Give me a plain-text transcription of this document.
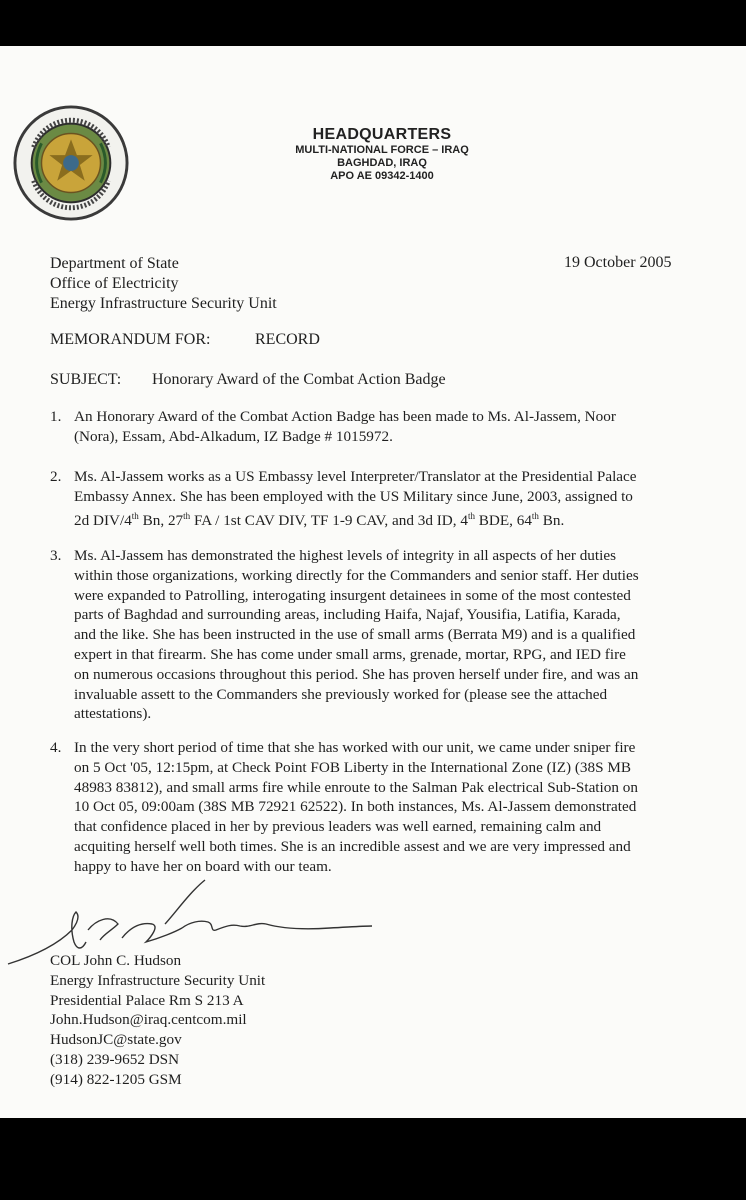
HEADQUARTERS
MULTI-NATIONAL FORCE – IRAQ
BAGHDAD, IRAQ
APO AE 09342-1400
19 October 2005
Department of State
Office of Electricity
Energy Infrastructure Security Unit
MEMORANDUM FOR:	RECORD
SUBJECT: Honorary Award of the Combat Action Badge
1. An Honorary Award of the Combat Action Badge has been made to Ms. Al-Jassem, Noor
(Nora), Essam, Abd-Alkadum, IZ Badge # 1015972.
2. Ms. Al-Jassem works as a US Embassy level Interpreter/Translator at the Presidential Palace
Embassy Annex. She has been employed with the US Military since June, 2003, assigned to
2d DIV/4th Bn, 27th FA / 1st CAV DIV, TF 1-9 CAV, and 3d ID, 4th BDE, 64th Bn.
3. Ms. Al-Jassem has demonstrated the highest levels of integrity in all aspects of her duties
within those organizations, working directly for the Commanders and senior staff. Her duties
were expanded to Patrolling, interogating insurgent detainees in some of the most contested
parts of Baghdad and surrounding areas, including Haifa, Najaf, Yousifia, Latifia, Karada,
and the like. She has been instructed in the use of small arms (Berrata M9) and is a qualified
expert in that firearm. She has come under small arms, grenade, mortar, RPG, and IED fire
on numerous occasions throughout this period. She has proven herself under fire, and was an
invaluable assett to the Commanders she previously worked for (please see the attached
attestations).
4. In the very short period of time that she has worked with our unit, we came under sniper fire
on 5 Oct '05, 12:15pm, at Check Point FOB Liberty in the International Zone (IZ) (38S MB
48983 83812), and small arms fire while enroute to the Salman Pak electrical Sub-Station on
10 Oct 05, 09:00am (38S MB 72921 62522). In both instances, Ms. Al-Jassem demonstrated
that confidence placed in her by previous leaders was well earned, remaining calm and
acquiting herself well both times. She is an incredible assest and we are very impressed and
happy to have her on board with our team.
COL John C. Hudson
Energy Infrastructure Security Unit
Presidential Palace Rm S 213 A
John.Hudson@iraq.centcom.mil
HudsonJC@state.gov
(318) 239-9652 DSN
(914) 822-1205 GSM
